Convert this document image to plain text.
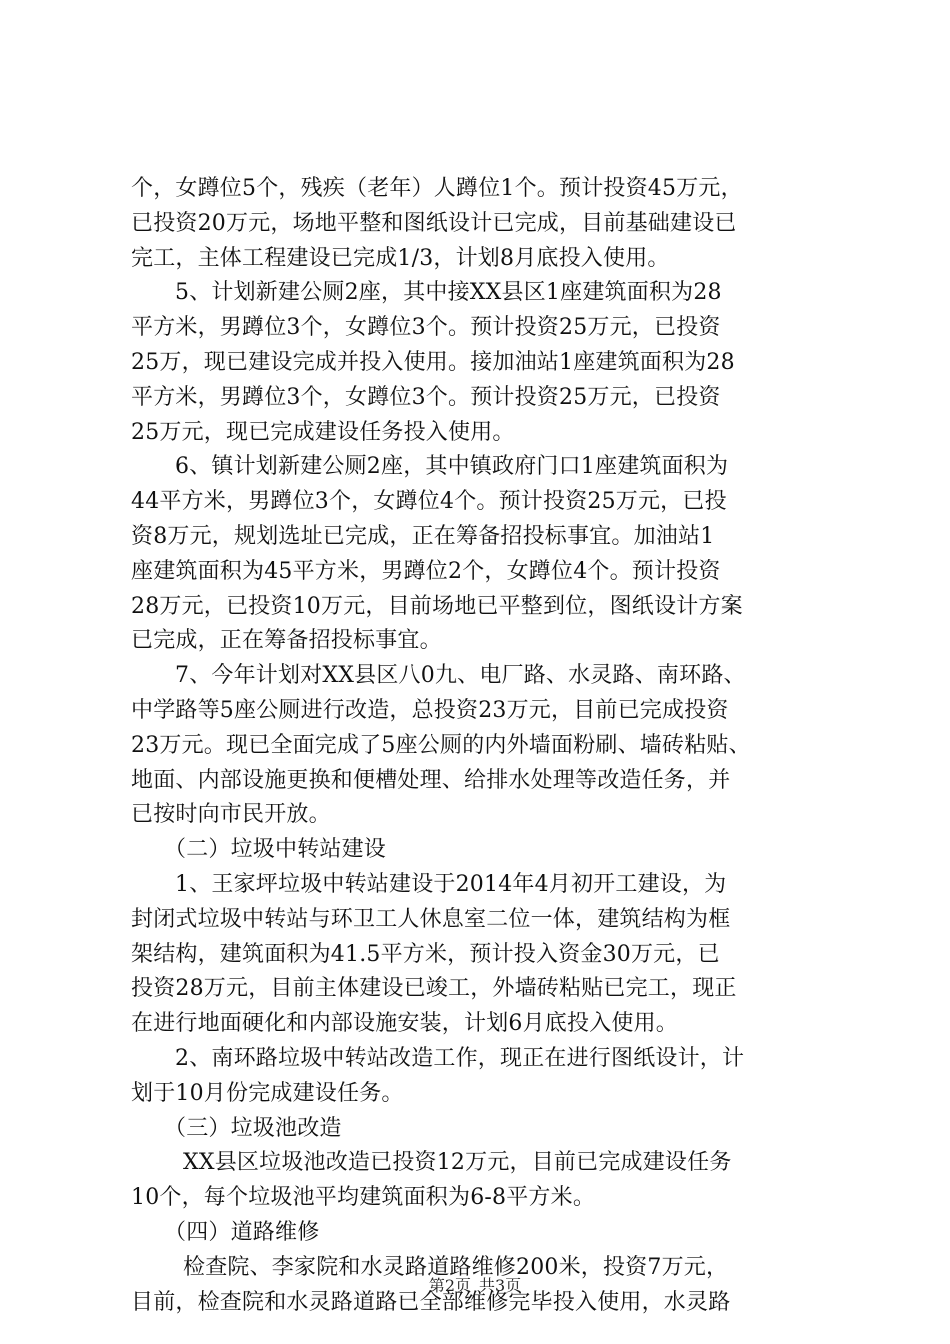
个，女蹲位5个，残疾（老年）人蹲位1个。预计投资45万元，
已投资20万元，场地平整和图纸设计已完成，目前基础建设已
完工，主体工程建设已完成1/3，计划8月底投入使用。
5、计划新建公厕2座，其中接XX县区1座建筑面积为28
平方米，男蹲位3个，女蹲位3个。预计投资25万元，已投资
25万，现已建设完成并投入使用。接加油站1座建筑面积为28
平方米，男蹲位3个，女蹲位3个。预计投资25万元，已投资
25万元，现已完成建设任务投入使用。
6、镇计划新建公厕2座，其中镇政府门口1座建筑面积为
44平方米，男蹲位3个，女蹲位4个。预计投资25万元，已投
资8万元，规划选址已完成，正在筹备招投标事宜。加油站1
座建筑面积为45平方米，男蹲位2个，女蹲位4个。预计投资
28万元，已投资10万元，目前场地已平整到位，图纸设计方案
已完成，正在筹备招投标事宜。
7、今年计划对XX县区八0九、电厂路、水灵路、南环路、
中学路等5座公厕进行改造，总投资23万元，目前已完成投资
23万元。现已全面完成了5座公厕的内外墙面粉刷、墙砖粘贴、
地面、内部设施更换和便槽处理、给排水处理等改造任务，并
已按时向市民开放。
（二）垃圾中转站建设
1、王家坪垃圾中转站建设于2014年4月初开工建设，为
封闭式垃圾中转站与环卫工人休息室二位一体，建筑结构为框
架结构，建筑面积为41.5平方米，预计投入资金30万元，已
投资28万元，目前主体建设已竣工，外墙砖粘贴已完工，现正
在进行地面硬化和内部设施安装，计划6月底投入使用。
2、南环路垃圾中转站改造工作，现正在进行图纸设计，计
划于10月份完成建设任务。
（三）垃圾池改造
XX县区垃圾池改造已投资12万元，目前已完成建设任务
10个，每个垃圾池平均建筑面积为6-8平方米。
（四）道路维修
检查院、李家院和水灵路道路维修200米，投资7万元，
目前，检查院和水灵路道路已全部维修完毕投入使用，水灵路
第2页 共3页
